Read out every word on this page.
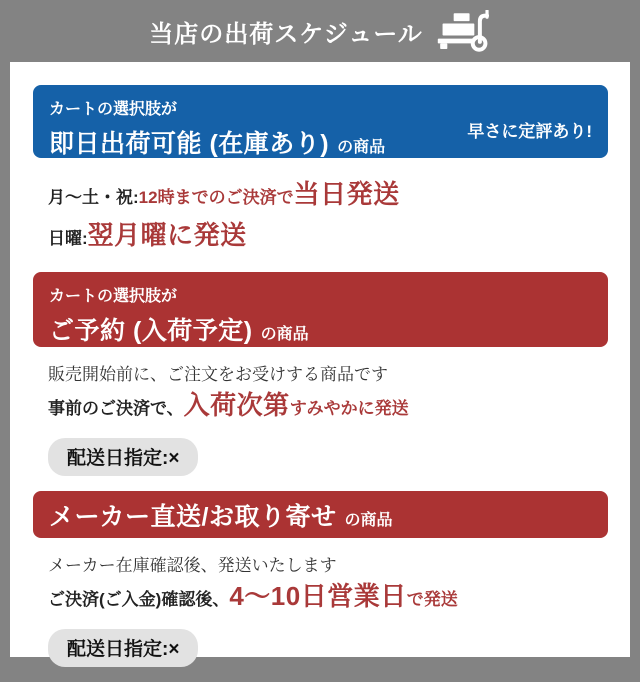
当店の出荷スケジュール
カートの選択肢が
即日出荷可能 (在庫あり) の商品
早さに定評あり!
月〜土・祝:12時までのご決済で当日発送
日曜:翌月曜に発送
カートの選択肢が
ご予約 (入荷予定) の商品
販売開始前に、ご注文をお受けする商品です
事前のご決済で、入荷次第すみやかに発送
配送日指定:×
メーカー直送/お取り寄せ の商品
メーカー在庫確認後、発送いたします
ご決済(ご入金)確認後、4〜10日営業日で発送
配送日指定:×
